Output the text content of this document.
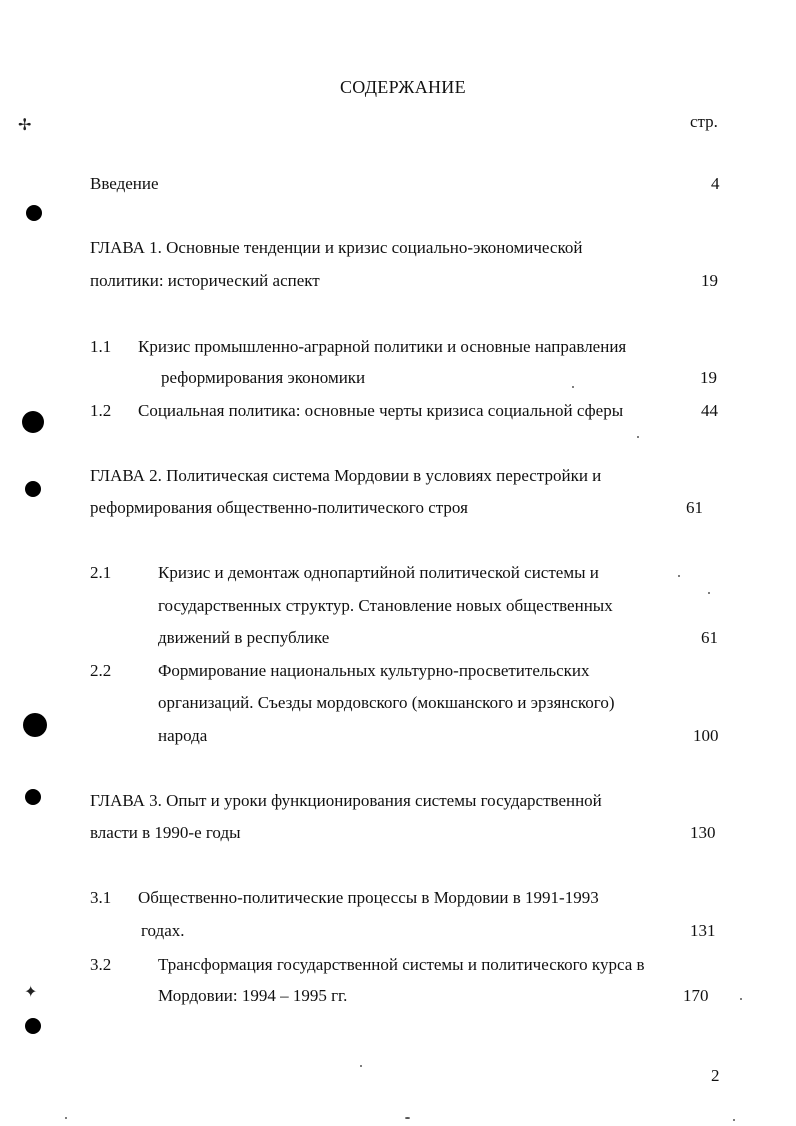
СОДЕРЖАНИЕ
стр.
Введение	4
ГЛАВА 1. Основные тенденции и кризис социально-экономической
политики: исторический аспект	19
1.1 Кризис промышленно-аграрной политики и основные направления
реформирования экономики	19
1.2 Социальная политика: основные черты кризиса социальной сферы	44
ГЛАВА 2. Политическая система Мордовии в условиях перестройки и
реформирования общественно-политического строя	61
2.1	Кризис и демонтаж однопартийной политической системы и
государственных структур. Становление новых общественных
движений в республике	61
2.2	Формирование национальных культурно-просветительских
организаций. Съезды мордовского (мокшанского и эрзянского)
народа	100
ГЛАВА 3. Опыт и уроки функционирования системы государственной
власти в 1990-е годы	130
3.1 Общественно-политические процессы в Мордовии в 1991-1993
годах.	131
3.2	Трансформация государственной системы и политического курса в
Мордовии: 1994 – 1995 гг.	170
2
✢
✦
